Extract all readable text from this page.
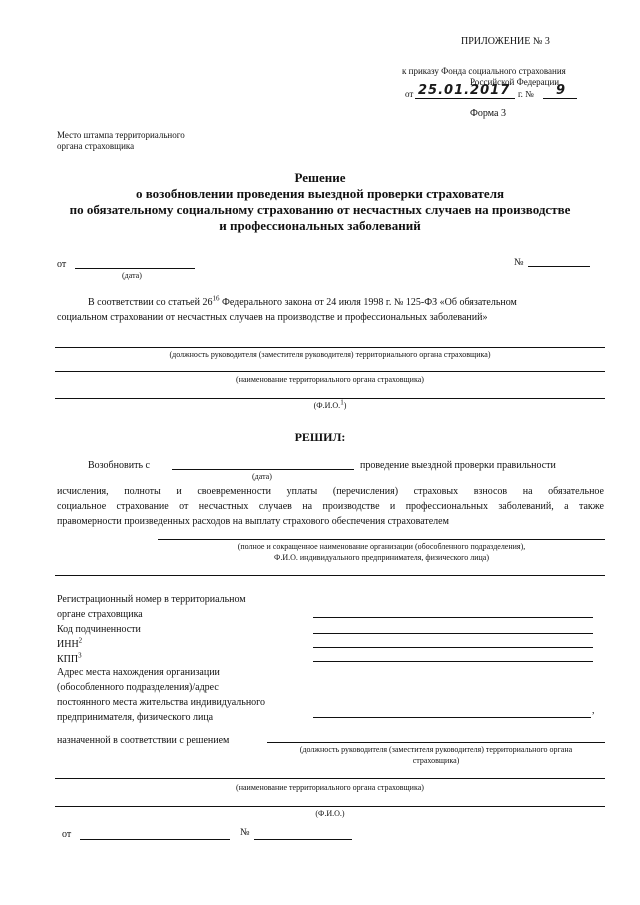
ПРИЛОЖЕНИЕ № 3
к приказу Фонда социального страхования
Российской Федерации
от 25.01.2017 г. № 9
Форма 3
Место штампа территориального
органа страховщика
Решение
о возобновлении проведения выездной проверки страхователя
по обязательному социальному страхованию от несчастных случаев на производстве
и профессиональных заболеваний
от
(дата)
№
В соответствии со статьей $26^{16}$ Федерального закона от 24 июля 1998 г. № 125-ФЗ «Об обязательном
социальном страховании от несчастных случаев на производстве и профессиональных заболеваний»
(должность руководителя (заместителя руководителя) территориального органа страховщика)
(наименование территориального органа страховщика)
(Ф.И.О.$^1$)
РЕШИЛ:
Возобновить с	проведение выездной проверки правильности
(дата)
исчисления, полноты и своевременности уплаты (перечисления) страховых взносов на обязательное
социальное страхование от несчастных случаев на производстве и профессиональных заболеваний, а также
правомерности произведенных расходов на выплату страхового обеспечения страхователем
(полное и сокращенное наименование организации (обособленного подразделения),
Ф.И.О. индивидуального предпринимателя, физического лица)
Регистрационный номер в территориальном
органе страховщика
Код подчиненности
ИНН$^2$
КПП$^3$
Адрес места нахождения организации
(обособленного подразделения)/адрес
постоянного места жительства индивидуального
предпринимателя, физического лица
,
назначенной в соответствии с решением
(должность руководителя (заместителя руководителя) территориального органа
страховщика)
(наименование территориального органа страховщика)
(Ф.И.О.)
от	№
